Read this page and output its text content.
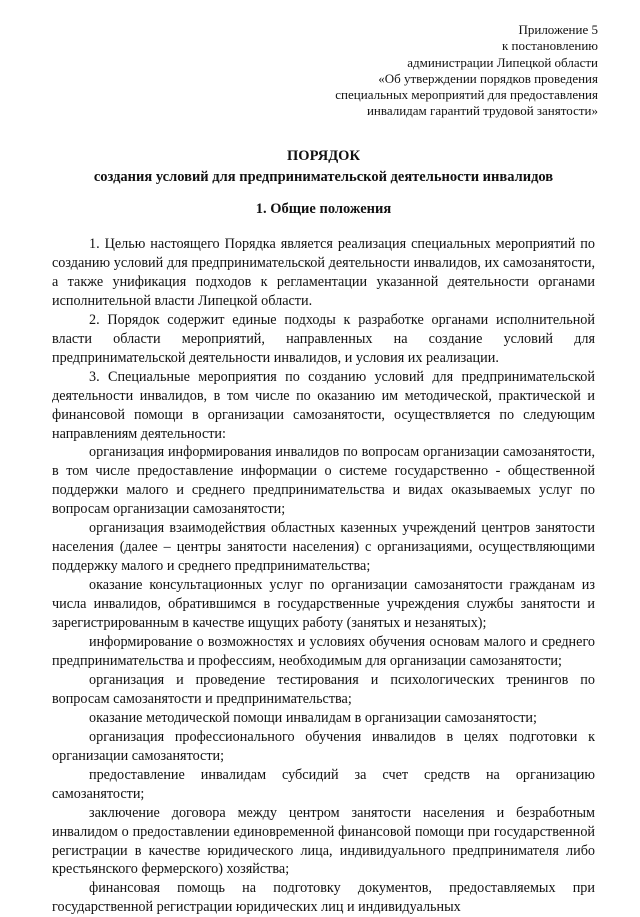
Приложение 5
к постановлению
администрации Липецкой области
«Об утверждении порядков проведения
специальных мероприятий для предоставления
инвалидам гарантий трудовой занятости»
ПОРЯДОК
создания условий для предпринимательской деятельности инвалидов
1. Общие положения

1. Целью настоящего Порядка является реализация специальных мероприятий по созданию условий для предпринимательской деятельности инвалидов, их самозанятости, а также унификация подходов к регламентации указанной деятельности органами исполнительной власти Липецкой области.

2. Порядок содержит единые подходы к разработке органами исполнительной власти области мероприятий, направленных на создание условий для предпринимательской деятельности инвалидов, и условия их реализации.

3. Специальные мероприятия по созданию условий для предпринимательской деятельности инвалидов, в том числе по оказанию им методической, практической и финансовой помощи в организации самозанятости, осуществляется по следующим направлениям деятельности:

организация информирования инвалидов по вопросам организации самозанятости, в том числе предоставление информации о системе государственно - общественной поддержки малого и среднего предпринимательства и видах оказываемых услуг по вопросам организации самозанятости;

организация взаимодействия областных казенных учреждений центров занятости населения (далее – центры занятости населения) с организациями, осуществляющими поддержку малого и среднего предпринимательства;

оказание консультационных услуг по организации самозанятости гражданам из числа инвалидов, обратившимся в государственные учреждения службы занятости и зарегистрированным в качестве ищущих работу (занятых и незанятых);

информирование о возможностях и условиях обучения основам малого и среднего предпринимательства и профессиям, необходимым для организации самозанятости;

организация и проведение тестирования и психологических тренингов по вопросам самозанятости и предпринимательства;

оказание методической помощи инвалидам в организации самозанятости;

организация профессионального обучения инвалидов в целях подготовки к организации самозанятости;

предоставление инвалидам субсидий за счет средств на организацию самозанятости;

заключение договора между центром занятости населения и безработным инвалидом о предоставлении единовременной финансовой помощи при государственной регистрации в качестве юридического лица, индивидуального предпринимателя либо крестьянского фермерского) хозяйства;

финансовая помощь на подготовку документов, предоставляемых при государственной регистрации юридических лиц и индивидуальных
